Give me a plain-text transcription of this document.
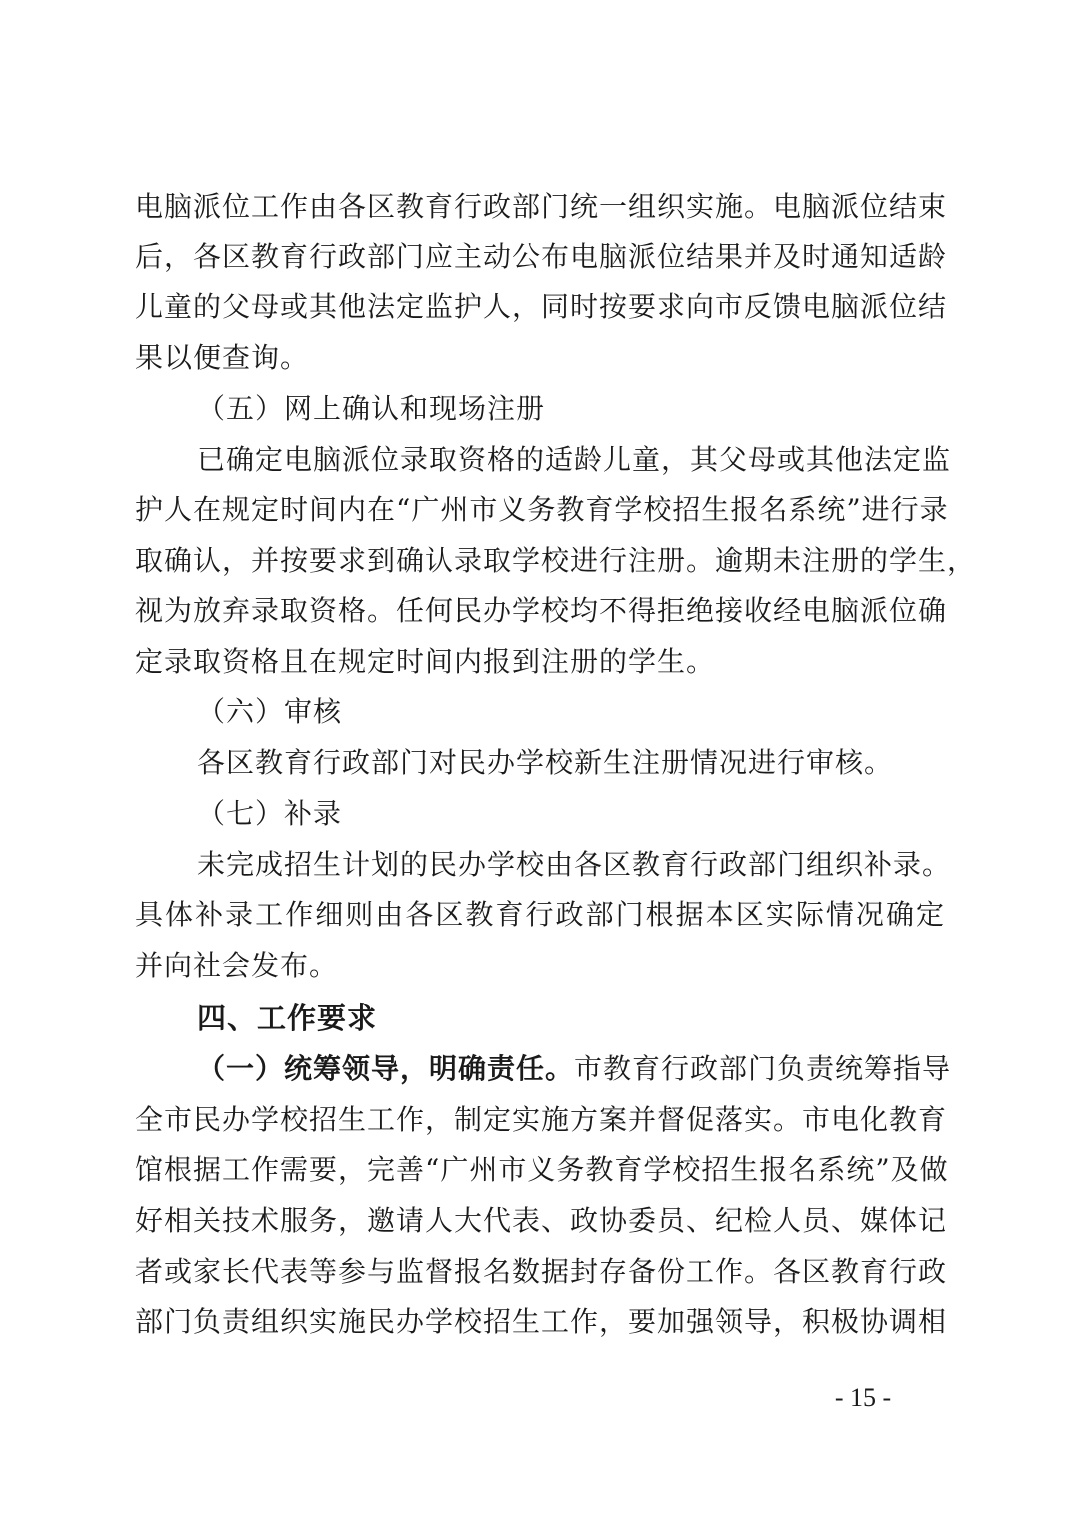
电脑派位工作由各区教育行政部门统一组织实施。电脑派位结束
后，各区教育行政部门应主动公布电脑派位结果并及时通知适龄
儿童的父母或其他法定监护人，同时按要求向市反馈电脑派位结
果以便查询。
（五）网上确认和现场注册
已确定电脑派位录取资格的适龄儿童，其父母或其他法定监
护人在规定时间内在“广州市义务教育学校招生报名系统”进行录
取确认，并按要求到确认录取学校进行注册。逾期未注册的学生，
视为放弃录取资格。任何民办学校均不得拒绝接收经电脑派位确
定录取资格且在规定时间内报到注册的学生。
（六）审核
各区教育行政部门对民办学校新生注册情况进行审核。
（七）补录
未完成招生计划的民办学校由各区教育行政部门组织补录。
具体补录工作细则由各区教育行政部门根据本区实际情况确定
并向社会发布。
四、工作要求
（一）统筹领导，明确责任。市教育行政部门负责统筹指导
全市民办学校招生工作，制定实施方案并督促落实。市电化教育
馆根据工作需要，完善“广州市义务教育学校招生报名系统”及做
好相关技术服务，邀请人大代表、政协委员、纪检人员、媒体记
者或家长代表等参与监督报名数据封存备份工作。各区教育行政
部门负责组织实施民办学校招生工作，要加强领导，积极协调相
- 15 -
